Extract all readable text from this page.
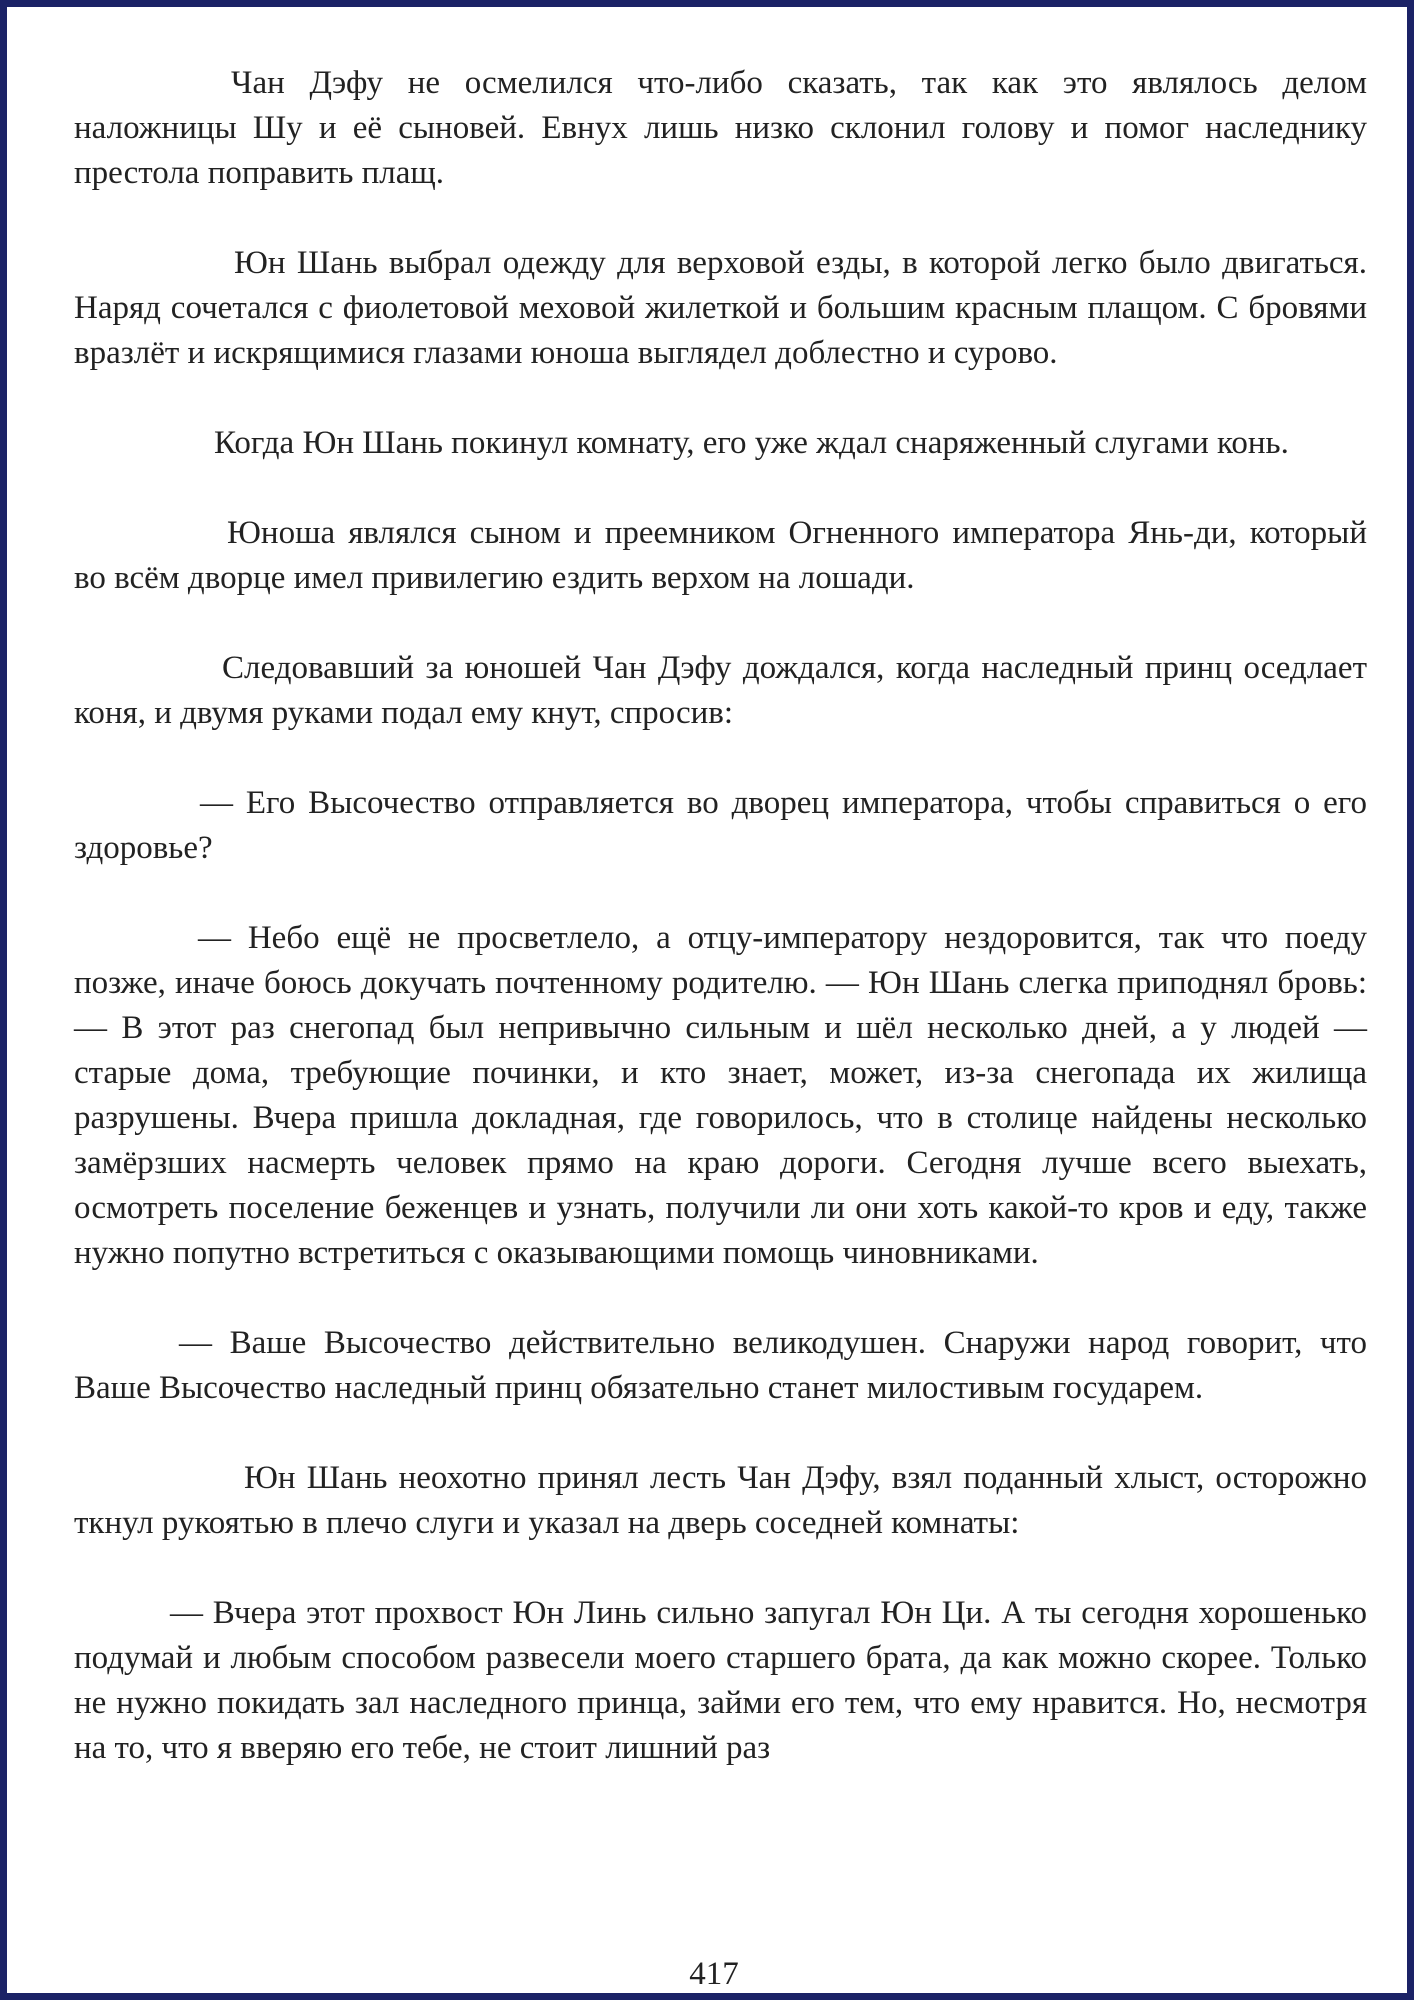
Чан Дэфу не осмелился что-либо сказать, так как это являлось делом наложницы Шу и её сыновей. Евнух лишь низко склонил голову и помог наследнику престола поправить плащ.

Юн Шань выбрал одежду для верховой езды, в которой легко было двигаться. Наряд сочетался с фиолетовой меховой жилеткой и большим красным плащом. С бровями вразлёт и искрящимися глазами юноша выглядел доблестно и сурово.

Когда Юн Шань покинул комнату, его уже ждал снаряженный слугами конь.

Юноша являлся сыном и преемником Огненного императора Янь-ди, который во всём дворце имел привилегию ездить верхом на лошади.

Следовавший за юношей Чан Дэфу дождался, когда наследный принц оседлает коня, и двумя руками подал ему кнут, спросив:

— Его Высочество отправляется во дворец императора, чтобы справиться о его здоровье?

— Небо ещё не просветлело, а отцу-императору нездоровится, так что поеду позже, иначе боюсь докучать почтенному родителю. — Юн Шань слегка приподнял бровь: — В этот раз снегопад был непривычно сильным и шёл несколько дней, а у людей — старые дома, требующие починки, и кто знает, может, из-за снегопада их жилища разрушены. Вчера пришла докладная, где говорилось, что в столице найдены несколько замёрзших насмерть человек прямо на краю дороги. Сегодня лучше всего выехать, осмотреть поселение беженцев и узнать, получили ли они хоть какой-то кров и еду, также нужно попутно встретиться с оказывающими помощь чиновниками.

— Ваше Высочество действительно великодушен. Снаружи народ говорит, что Ваше Высочество наследный принц обязательно станет милостивым государем.

Юн Шань неохотно принял лесть Чан Дэфу, взял поданный хлыст, осторожно ткнул рукоятью в плечо слуги и указал на дверь соседней комнаты:

— Вчера этот прохвост Юн Линь сильно запугал Юн Ци. А ты сегодня хорошенько подумай и любым способом развесели моего старшего брата, да как можно скорее. Только не нужно покидать зал наследного принца, займи его тем, что ему нравится. Но, несмотря на то, что я вверяю его тебе, не стоит лишний раз

417
